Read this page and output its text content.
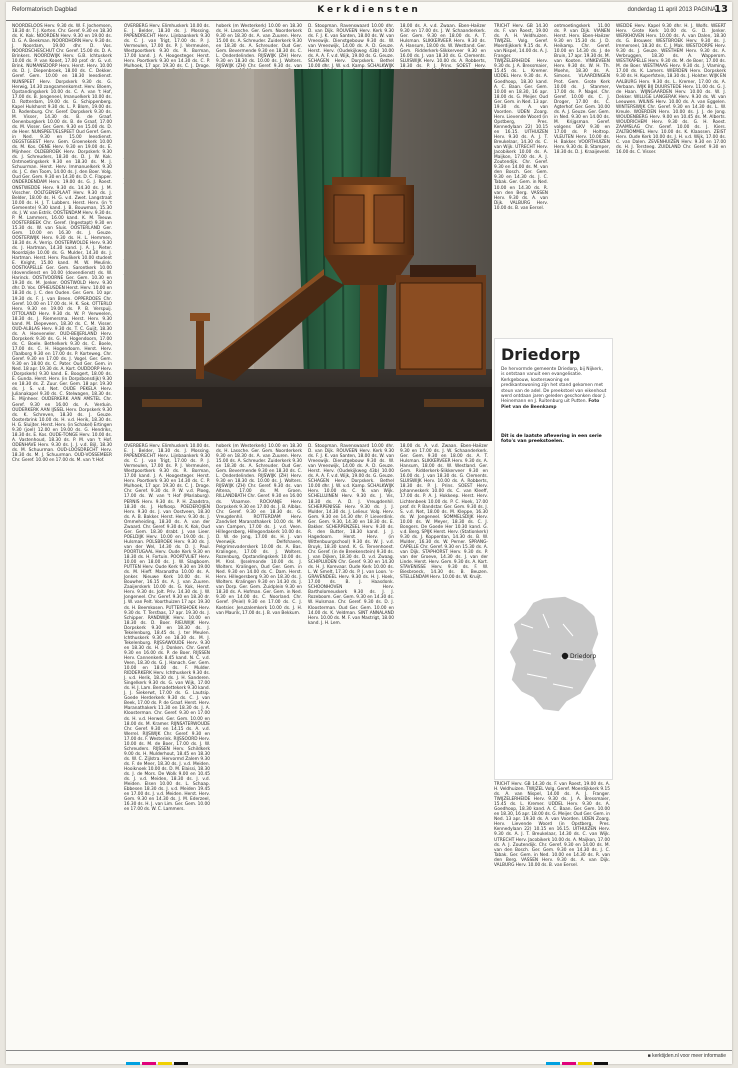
Reformatorisch Dagblad	Kerkdiensten	donderdag 11 april 2013 PAGINA
13

NOORDELOOS Herv. 9.30 ds. W. F. Jochemsen, 18.30 dr. T. J. Korten. Chr. Geref. 9.30 en 18.30 ds. K. Kok. NOORDEN Herv. 9.30 en 19.00 ds. D. G. A. Beekman. NOORDHORN Herv. 9.30 ds. J. Noordam, 19.00 dhr. D. Vos. NOORDSCHESCHUT Chr. Geref. 15.00 ds. D. A. Brinkers. NOORDWIJK Herv. G.B. Ichtuskerk 10.00 ds. P. van Kooet, 17.00 prof. dr. G. v.d. Brink. NUMANSDORP Herv. Herst. Herv. 10.00 ds. D. J. Diepenbroek, 18.00 ds. C. Dekker. Geref. Gem. 10.00 en 18.30 leesdienst. NUNSPEET Herv. Dorpskerk 9.30 ds. G. Herwig, 14.30 zangsamenkomst. Herv. Bloem, Opstandingskerk 10.00 ds. C. A. van 't Hof, 17.00 ds. B. Jongeneel, Imanuelkerk 10.00 ds. D. Rotterdam, 19.00 ds. G. Schippenberg. Kapel Hulshorst 9.30 ds. L. P. Blom, 19.00 ds. D. Rodenburg. Chr. Geref. Dorpskerk 9.30 ds. M. Visser, 14.30 ds. B. de Graaf. Oenenburgkerk 10.00 ds. B. de Graaf, 17.00 ds. M. Visser. Ger. Gem. 9.30 en 15.00 ds. D. de Heer. NUNSPEET/ELSPEET Oud Geref. Gem. in Ned. 9.30 en 15.00 leesdienst. OEGSTGEEST Herv. Gem. Groenekerk 10.00 ds. M. Kos. OENE Herv. 9.30 en 19.00 ds. E. Mijnheer. OLDEBROEK Herv. Dorpskerk 9.30 ds. J. Schreuders, 18.30 ds. D. J. W. Kok. Ontmoetingskerk 9.30 en 18.30 ds. M. J. Schuurman. Herst. Herv. Immanuelkerk 9.30 ds. J. C. den Toom, 14.00 ds. J. den Boer. Volg. Oud Ger. Gem. 9.30 en 14.30 ds. D. C. Flapper. ONDERDENDAM Herv. 19.00 ds. G. J. Roest. ONSTWEDDE Herv. 9.30 ds. 14.30 ds. J. M. Visscher. OOLTGENSPLAAT Herv. 9.30 ds. J. Belder, 18.00 ds. H. G. v.d. Zwet. Langstraat 10.00 ds. H. J. T. Lubbers. Herst. Herv. (in 't Gemeente) 9.30 kand. J. B. Bouwman, 15.30 ds. J. W. van Estrik. OOSTENDAM Herv. 9.30 ds. P. M. Lammers, 16.00 kand. K. M. Teeuw. OOSTERBEEK Chr. Geref. (Ingestapt) 9.30 en 15.30 ds. W. van Sluis. OOSTERLAND Ger. Gem. 10.00 en 16.30 ds. J. Geuze. OOSTERWIJK Herv. 9.30 ds. H. L. Hemmen, 18.30 ds. A. Verrip. OOSTERWOLDE Herv. 9.30 ds. J. Hartman, 14.30 kand. J. A. J. Pieter. Noordzijde 10.00 ds. G. Mulder, 14.30 ds. J. Hartman. Herst. Herv. Paulikerk 10.00 student E. Knight, 15.00 kand. M. W. Meulink. OOSTKAPELLE Ger. Gem. Sarontkerk 10.00 (dovendienst en 10.00 (dovendienst) ds. W. Harinck. OOSTVOORNE Ger. Gem. 10.30 en 19.30 ds. M. Jonker. OOSTWOLD Herv. 9.30 dhr. D. Vos. OPHEUSDEN Herst. Herv. 10.00 en 18.30 ds. J. C. den Ouden. Ger. Gem. 10 apr. 19.30 ds. F. J. van Breen. OPPERDOES Chr. Geref. 10.00 en 17.00 ds. H. K. Sok. OTTERLO Herv. 9.30 en 19.00 ds. P. B. Verspuij. OTTOLAND Herv. 9.30 ds. W. P. Verweelen, 18.30 ds. J. Riemersma. Herst. Herv. 9.30 kand. M. Diepeveen, 18.30 ds. C. M. Visser. OUD-ALBLAS Herv. 9.30 ds. T. C. Guijt, 18.30 ds. A. Hoeveneler. OUD-BEIJERLAND Herv. Dorpskerk 9.30 ds. G. H. Hogendoorn, 17.00 ds. C. Boele. Bethelkerk 9.30 ds. C. Boele, 17.00 ds. C. H. Hogendoorn. Herst. Herv. (Taalborg 9.30 en 17.00 ds. P. Korteweg. Chr. Geref. 9.30 en 17.00 ds. J. Vogel. Ger. Gem. 9.30 en 18.00 ds. C. Pater. Oud Ger. Gem. in Ned. 18 apr. 19.30 ds. A. Kort. OUDDORP Herv. (Dorpskerk) 9.30 kand. E. Boogert, 18.00 ds. E. Gunda. Herst. Herv. (in Dorpsbonsdijk) 9.30 en 18.30 ds. Z. Zuur. Ger. Gem. 18 apr. 19.30 ds. J. S. v.d. Net. OUDE PEKELA Herv. Julianakapel 9.30 ds. C. Stelwagen, 18.30 ds. E. Mijnheer. OUDERKERK AAN AMSTEL Chr. Geref. 9.30 en 16.00 ds. A. Verduin. OUDERKERK AAN IJSSEL Herv. Dorpskerk 9.30 ds. K. Schreven, 18.30 ds. J. Geuze. Oosterbrink 10.00 ds. H. v.d. Herik, 18.30 ds. H. G. Sluijter. Herst. Herv. (in Schakel) Ertingen 9.30 (joel) 12.00 en 19.00 ds. G. Hendriks, 18.30 ds. E. Kos. OUDE-TONGE Herv. 10.00 ds. A. Vastenhoud, 18.30 ds. P. M. van 't Hof. ODENHAVE Herv. 9.30 ds. J. J. v.d. Bijl, 18.30 ds. M. Schuurman. OUD-LOOSDRECHT Herv. 18.30 ds. M. J. Schuurman. OUD-VOSSEMEER Chr. Geref. 10.00 en 17.00 ds. M. van 't Hof.

OVERBERG Herv. Elimhuskerk 10.00 ds. E. J. Belder, 18.30 ds. J. Mossing. PAPENDRECHT Herv. Lijnbaankerk 9.30 ds. C. J. van Trigt, 17.00 ds. P. J. Vermeulen, 17.00 ds. P. J. Vermeulen, Westpoortkerk 9.30 ds. R. Borman, 17.00 kand. J. A. Hoogesteger. Herst. Herv. Poortkerk 9.30 en 14.30 ds. C. P. Mulhoek, 17 apr. 19.30 ds. C. J. Droge. Chr. Geref. 9.30 ds. P. W. v.d. Ploeg, 17.00 ds. W. van 't Hof (Mariaburg). PERNIS Herv. 9.30 ds. P. H. Zaadstra, 18.30 ds. J. Hofkosp. POEDEROIJEN Herv. 9.30 ds. J. van Oostveen, 18.30 ds. A. B. Bakker. Herst. Herv. 9.30 ds. J. Ommeheiding, 18.30 ds. A. van der Zwaard. Chr. Geref. 9.30 ds. K. Kok, Oud Ger. Gem. 18.30 drabt. J. van Lieer. POELDIJK Herv. 10.00 en 19.00 ds. J. Hulsman. POLSBROEK Herv. 9.30 ds. J. van der Wel, 14.30 ds. D. J. Paul. POORTUGAAL Herv. Oude Kerk 9.30 en 18.30 ds. H. Fortuin. POORTVLIET Herv. 10.00 en 18.00 ds. J. W. Slagboom. PUTTEN Herv. Oude Kerk 9.30 en 19.00 ds. M. Hieff. Maranatha 10.00 ds. A. Jonker. Nieuwe Kerk 10.00 ds. H. Bouwher, 16.15 ds. A. J. van Zuuren. Zaaijerskerk 10.00 ds. G. Kok, Herst. Herv. 9.30 ds. Jolt. Priv. 14.30 ds. J. W. Jongeneel. Chr. Geref. 9.30 en 18.30 dr. J. W. van Pelt. Voorthuizen 17 apr. 19.30 ds. H. Beemkosen. PUTTERSHOEK Herv. 9.30 ds. T. Tersfaas, 17 apr. 19.30 ds. J. Schipper. RANDWIJK Herv. 10.00 en 18.30 ds. D. Boer. RIEUWIJK Herv. Dorpskerk 9.30 en 18.30 ds. J. Tekelenburg, 18.45 ds. J. ter Meulen. Ichthuskerk 9.30 en 18.30 ds. M. J. Tekelenburg. RIJSSAWOUDE Herv. 9.30 en 18.30 ds. H. J. Donken. Chr. Geref. 9.30 en 16.00 ds. P. de Boer. RIJSSEN Herv. Cannenkerk 8.45 kand. N. C. v.d. Veen, 18.30 ds. G. J. Hanach. Ger. Gem. 10.00 en 18.00 ds. F. Mulder. RIDDERKERK Herv. Ichthuskerk 9.30 ds. J. v.d. Herik, 18.30 ds. J. H. Sanderen. Singelkerk 9.30 ds. G. van Wijk, 17.00 ds. H. J. Lam. Bernadettekerk 9.30 kand. J. J. Siekerwt, 17.00 ds. G. Lautsip. Goede Herderkerk 9.30 ds. C. J. van Beek, 17.00 ds. P. de Graaf. Herst. Herv. Maranathakerk 11.30 en 18.30 ds. J. A. Kloosterman. Chr. Geref. 9.30 en 17.00 ds. H. v.d. Herwel. Ger. Gem. 10.00 en 18.00 ds. M. Kramer. RIJNSATERWOUDE Chr. Geref. 9.30 en 14.15 ds. A. v.d. Werrel. RIJSWIJK Chr. Geref. 9.30 en 17.00 ds. F. Westerink. RIJSSOORD Herv. 10.00 ds. M. de Boer, 17.00 ds. J. W. Schreuders. RIJSSEN Herv. Schildkerk 9.00 ds. H. Mulderhout, 18.45 en 18.30 ds. W. C. Zijlstra. Hervormd Zalem 9.30 ds. F. de Meer, 18.30 ds. J. v.d. Meiden. Hooiknoek 10.00 ds. D. M. Elaissi, 18.30 ds. J. de Mors. De Wolk 9.00 en 10.45 ds. J. v.d. Meiden, 18.30 ds. J. v.d. Meiden. Elsen 10.00 ds. L. Schaap. Ebbesen 18.30 ds. J. v.d. Meiden 19.45 en 17.00 ds. J. v.d. Meiden. Herst. Herv. Gem. 9.30 en 14.30 ds. J. M. Ederzeel, 16.30 ds. H. J. van Lim. Ger. Gem. 10.00 en 17.00 ds. W. C. Lammers.

OVERBERG Herv. Elimhuskerk 10.00 ds. E. J. Belder, 18.30 ds. J. Mossing. PAPENDRECHT Herv. Lijnbaankerk 9.30 ds. C. J. van Trigt, 17.00 ds. P. J. Vermeulen, 17.00 ds. P. J. Vermeulen, Westpoortkerk 9.30 ds. R. Borman, 17.00 kand. J. A. Hoogesteger. Herst. Herv. Poortkerk 9.30 en 14.30 ds. C. P. Mulhoek, 17 apr. 19.30 ds. C. J. Droge.

hoberk (m Westerkerk) 10.00 en 18.30 ds. H. Lassche. Ger. Gem. Noorderkerk 9.30 en 18.30 ds. A. van Zuuren. Herv. 15.00 ds. A. Schreuder. Zuiderkerk 9.30 en 18.30 ds. A. Schreuder. Oud Ger. Gem. Bevermende 9.30 en 18.30 ds. C. L. Onderdelinden. RIJSWIJK (ZH) Herv. 9.30 en 18.30 ds. 10.00 ds. J. Wolters. RIJSWIJK (ZH) Chr. Geref. 9.30 ds. van

hoberk (m Westerkerk) 10.00 en 18.30 ds. H. Lassche. Ger. Gem. Noorderkerk 9.30 en 18.30 ds. A. van Zuuren. Herv. 15.00 ds. A. Schreuder. Zuiderkerk 9.30 en 18.30 ds. A. Schreuder. Oud Ger. Gem. Bevermende 9.30 en 18.30 ds. C. L. Onderdelinden. RIJSWIJK (ZH) Herv. 9.30 en 18.30 ds. 10.00 ds. J. Wolters. RIJSWIJK (ZH) Chr. Geref. 9.30 ds. van Altena, 17.00 ds. M. Groen. RILLANDBATH Chr. Geref. 9.30 en 16.00 ds. Vlaamse. ROCKANJE Herv. Dorpskerk 9.30 en 17.00 ds. J. B. Alblas. Chr. Geref. 9.30 en 18.30 ds. G. Vreugdenhil. ROTTERDAM Herv. Zandvliet Maranathakerk 10.00 ds. M. van Campen, 17.00 ds. J. v.d. Veen. Hillegersberg, Hillegondakerk 10.00 ds. D. W. de Jong, 17.00 ds. H. J. van Veenwijk. Delfshaven, Pelgrimsvaderskerk 10.00 ds. A. Bas. Kralingen, 17.00 ds. J. Wolters. Rozenburg, Opstandingskerk 10.00 ds. M. Krol. IJsselmonde 10.00 ds. J. Wolters. Kralingen, Oud Ger. Gem. in Ned. 9.30 en 14.00 ds. C. Dam. Herst. Herv. Hillegersberg 9.30 en 18.30 ds. J. Wolters. Kralingen 9.30 en 14.30 ds. J. van Dorp. Ger. Gem. Zuidplein 9.30 en 18.30 ds. A. Hofman. Ger. Gem. in Ned. 9.30 en 14.00 ds. C. Noorland. Chr. Geref. (Pniel) 9.30 en 17.00 ds. C. J. Koetsier. Jeruzalemkerk 10.00 ds. J. H. van Maurik, 17.00 ds. J. B. van Bekkum.

D. Stoopman. Ravenswaard 10.00 dhr. D. van Dijk. ROUVEEN Herv. Kerk 9.30 ds. F. J. K. van Santen, 18.00 ds. W. van Vreeswijk. Dienstgebouw 9.30 ds. W. van Vreeswijk, 14.00 ds. A. D. Geuze. Herst. Herv. (Oudekijkweg 43b) 10.00 ds. A. A. F. v.d. Wijk, 19.00 ds. G. Geuze. SCHAGEN Herv. Dorpskerk. Bethel 10.00 dhr. J. W. v.d. Kamp. SCHALKWIJK

D. Stoopman. Ravenswaard 10.00 dhr. D. van Dijk. ROUVEEN Herv. Kerk 9.30 ds. F. J. K. van Santen, 18.00 ds. W. van Vreeswijk. Dienstgebouw 9.30 ds. W. van Vreeswijk, 14.00 ds. A. D. Geuze. Herst. Herv. (Oudekijkweg 43b) 10.00 ds. A. A. F. v.d. Wijk, 19.00 ds. G. Geuze. SCHAGEN Herv. Dorpskerk. Bethel 10.00 dhr. J. W. v.d. Kamp. SCHALKWIJK Herv. 10.00 ds. C. N. van Wijk. SCHELLUINEN Herv. 9.30 ds. J. Vis, 18.30 ds. A. D. J. Vreugdenhil. SCHERPENISSE Herv. 9.30 ds. J. J. Mulder, 14.30 ds. J. Lelieur. Volg. Herv. Gem. 9.30 en 14.30 dhr. P. Lieverdink. Ger. Gem. 9.30, 14.30 en 18.30 ds. E. Bakker. SCHERPENZEEL Herv. 9.30 ds. R. den Butter, 18.30 kand. J. J. Hagedoorn. Herst. Herv. (in Wittenbuurgschool) 9.30 ds. W. J. v.d. Bruyk, 18.30 kand. K. G. Tervenhoest. Chr. Geref. (in de Breekenstein) 9.30 ds. J. van Dijken, 18.30 ds. D. v.d. Zwaag. SCHIPLUIDEN Chr. Geref. 9.30 en 14.30 ds. H. J. Korevaar. Oude Kerk 10.00 ds. L. W. Smelt, 17.30 ds. P. J. van Loon. 's-GRAVENDEEL Herv. 9.30 ds. H. J. Hoek, 17.00 ds. B. J. Haasdonk. SCHOONHOVEN Herv. Bartholomeuskerk 9.30 ds. J. J. Rozeboom. Ger. Gem. 9.30 en 14.30 ds. W. Hulsman. Chr. Geref. 9.30 ds. D. J. Kloosterman. Oud Ger. Gem. 10.00 en 14.00 ds. K. Veldman. SINT ANNALAND Herv. 10.00 ds. M. F. van Mastrigt, 18.00 kand. J. H. Lem.

18.00 ds. A. v.d. Zwaan. Eben-Haëzer 9.30 en 17.00 ds. J. W. Schaanderkerk. Ger. Gem. 9.30 en 18.00 ds. A. T. Hulsman. SLIKKERVEER Herv. 9.30 ds. A. Hansum, 18.00 ds. W. Westland. Ger. Gem. Ridderkerk-Slikkerveer 9.30 en 16.00 ds. J. van 18.30 ds. G. Clements. SLUISWIJK Herv. 10.00 ds. A. Robberts, 18.30 ds. P. J. Prins. SOEST Herv.

18.00 ds. A. v.d. Zwaan. Eben-Haëzer 9.30 en 17.00 ds. J. W. Schaanderkerk. Ger. Gem. 9.30 en 18.00 ds. A. T. Hulsman. SLIKKERVEER Herv. 9.30 ds. A. Hansum, 18.00 ds. W. Westland. Ger. Gem. Ridderkerk-Slikkerveer 9.30 en 16.00 ds. J. van 18.30 ds. G. Clements. SLUISWIJK Herv. 10.00 ds. A. Robberts, 18.30 ds. P. J. Prins. SOEST Herv. Johanneskerk 10.00 ds. C. van Kleeff, 17.00 ds. P. A. J. Hokkeep. Herst. Herv. Lichtenbeek 10.00 ds. P. C. Hoek, 17.00 prof. dr. P. Bandstar. Ger. Gem. 9.30 ds. J. S. v.d. Net, 18.00 ds. M. Kleppe, 16.30 ds. W. Jongeneel. SOMMELSDIJK Herv. 10.00 ds. W. Meyer, 18.30 ds. C. J. Bongers. De Goede Her 10.30 kand. G. v.d. Berg. SPIJK Herst. Herv. (Stationkerk) 9.30 ds. J. Kopperdan, 14.30 ds. B. W. Mulder, 16.30 ds. W. Perner. SPRANG-CAPELLE Chr. Geref. 9.30 en 15.30 ds. A. van Dijk. STAPHORST Herv. 9.30 ds. P. van der Groeve, 14.30 ds. J. van der Linde. Herst. Herv. Gem. 9.30 ds. A. Kort. STAVENISSE Herv. 9.30 ds. F. W. Biesbroeck, 14.30 ds. B. Beuzen. STELLENDAM Herv. 10.00 ds. W. Kruijt.

TRICHT Herv. GB 14.30 ds. F. van Roest, 19.00 ds. A. H. Veldhuizen. TWIJZEL Volg. Geref. Moerdijkkerk 9.15 ds. A. van Nispel, 14.00 ds. A. J. Franger. TWIJZELERHEIDE Herv. 9.30 ds. J. A. Bressmaier, 15.45 ds. L. Kremer. UDDEL Herv. 9.30 ds. A. Goedhoop, 18.30 kand. A. C. Baan. Ger. Gem. 10.00 en 18.30, 16 apr. 18.00 ds. G. Meijer. Oud Ger. Gem. in Ned. 13 apr. 19.30 ds. A. van Voorden. UDEN Zoarg. Herv. Lievende Woord (in Opstberg, Pres. Kennedylaan 22) 10.15 en 16.15. UITHUIZEN Herv. 9.30 ds. A. J. T. Breukelaar, 14.30 ds. C. van Wijk. UTRECHT Herv. Jacobikerk 10.00 ds. A. Maijkon, 17.00 ds. A. J. Zoutendijk. Chr. Geref. 9.30 en 14.00 ds. M. van den Bosch. Ger. Gem. 9.30 en 14.30 ds. J. C. Tabak. Ger. Gem. in Ned. 10.00 en 14.30 ds. R. van den Berg. VASSEN Herv. 9.30 ds. A. van Dijk. VALBURG Herv. 10.00 ds. B. van Eersel.

ontmoetingskerk 11.00 ds. P. van Dijk. VIANEN Herst. Herv. Eben-Haëzer 9.30 en 15.30 ds. J. D. Heikamp. Chr. Geref. 10.00 en 14.30 ds. J. de Bruin, 17 apr. 19.30 ds. M. van Kooten. VINKEVEEN Herv. 9.30 ds. W. H. Th. Moehn, 18.30 ds. A. Simons. VLAARDINGEN Prot. Gem. Grote Kerk 10.00 ds. J. Stanmer, 17.00 ds. P. Nagel. Chr. Geref. 10.00 ds. C. J. Droger, 17.00 ds. C. Agterhof. Ger. Gem. 10.00 ds. A. J. Geuze. Ger. Gem. in Ned. 9.30 en 14.00 ds. M. Krijgsman. Geref. volgens GKV 9.30 en 17.00 ds. P. Holtrop. VLEUTEN Herv. 10.00 ds. H. Bakker. VOORTHUIZEN Herv. 9.30 ds. B. Stamper, 18.30 ds. D. J. Kraaijeveld.

TRICHT Herv. GB 14.30 ds. F. van Roest, 19.00 ds. A. H. Veldhuizen. TWIJZEL Volg. Geref. Moerdijkkerk 9.15 ds. A. van Nispel, 14.00 ds. A. J. Franger. TWIJZELERHEIDE Herv. 9.30 ds. J. A. Bressmaier, 15.45 ds. L. Kremer. UDDEL Herv. 9.30 ds. A. Goedhoop, 18.30 kand. A. C. Baan. Ger. Gem. 10.00 en 18.30, 16 apr. 18.00 ds. G. Meijer. Oud Ger. Gem. in Ned. 13 apr. 19.30 ds. A. van Voorden. UDEN Zoarg. Herv. Lievende Woord (in Opstberg, Pres. Kennedylaan 22) 10.15 en 16.15. UITHUIZEN Herv. 9.30 ds. A. J. T. Breukelaar, 14.30 ds. C. van Wijk. UTRECHT Herv. Jacobikerk 10.00 ds. A. Maijkon, 17.00 ds. A. J. Zoutendijk. Chr. Geref. 9.30 en 14.00 ds. M. van den Bosch. Ger. Gem. 9.30 en 14.30 ds. J. C. Tabak. Ger. Gem. in Ned. 10.00 en 14.30 ds. R. van den Berg. VASSEN Herv. 9.30 ds. A. van Dijk. VALBURG Herv. 10.00 ds. B. van Eersel.

WEDDE Herv. Kapel 9.30 dhr. H. J. Wolfs. WEERT Herv. Grote Kerk 10.00 ds. G. D. Jonker. WERKHOVEN Herv. 10.00 ds. A. van Dalen, 18.30 ds. G. Brouwer. WESTBROEK Herv. 9.30 ds. J. Immerseel, 18.30 ds. C. J. Mak. WESTDORPE Herv. 9.30 ds. J. Geuze. WESTHEM Herv. 9.30 ds. A. Verbruggen, 18.30 ds. A. Wapperom. WESTKAPELLE Herv. 9.30 ds. M. de Boer, 17.00 ds. M. de Boer. WESTMAAS Herv. 9.30 ds. J. Vlaming, 17.00 ds. K. Lamers. WIERDEN Herv. Dorpskerk 9.30 ds. H. Kuperfstein, 18.30 ds. J. Holster. WIJK EN AALBURG Herv. 9.30 ds. L. Kremer, 17.00 ds. A. Verbaan. WIJK BIJ DUURSTEDE Herv. 11.00 ds. G. J. de Haan. WIJNGAARDEN Herv. 10.00 ds. W. J. Dekker. WILLIGE LANGERAK Herv. 9.30 ds. W. van Leeuwen. WILNIS Herv. 10.00 ds. A. van Eggelen. WINTERSWIJK Chr. Geref. 9.30 en 14.30 ds. L. W. Kreule. WOERDEN Herv. 10.00 ds. J. J. de Jong. WOUDENBERG Herv. 9.00 en 10.45 ds. M. Alberts. WOUDRICHEM Herv. 9.30 ds. G. H. Roest. ZAAMSLAG Chr. Geref. 10.00 ds. J. Kiers. ZALTBOMMEL Herv. 10.00 ds. K. Klaassen. ZEIST Herv. Oude Kerk 10.00 ds. J. H. v.d. Wijk, 17.00 ds. C. van Dalen. ZEVENHUIZEN Herv. 9.30 en 17.00 ds. H. J. Tersteeg. ZUIDLAND Chr. Geref. 9.30 en 16.00 ds. C. Visser.

Driedorp
De hervormde gemeente Driedorp, bij Nijkerk, is ontstaan vanuit een evangelisatie. Kerkgebouw, kosterswoning en predikantswoning zijn het stand gekomen met steun van de adel. De preekstoel van eikenhout werd ontdaan jaren geleden geschonken door J. Heinemann en J. Ruitenburg uit Putten. Foto Piet van de Beenkamp
Dit is de laatste aflevering in een serie foto's van preekstoelen.
Driedorp
■ kerktijden.nl voor meer informatie
